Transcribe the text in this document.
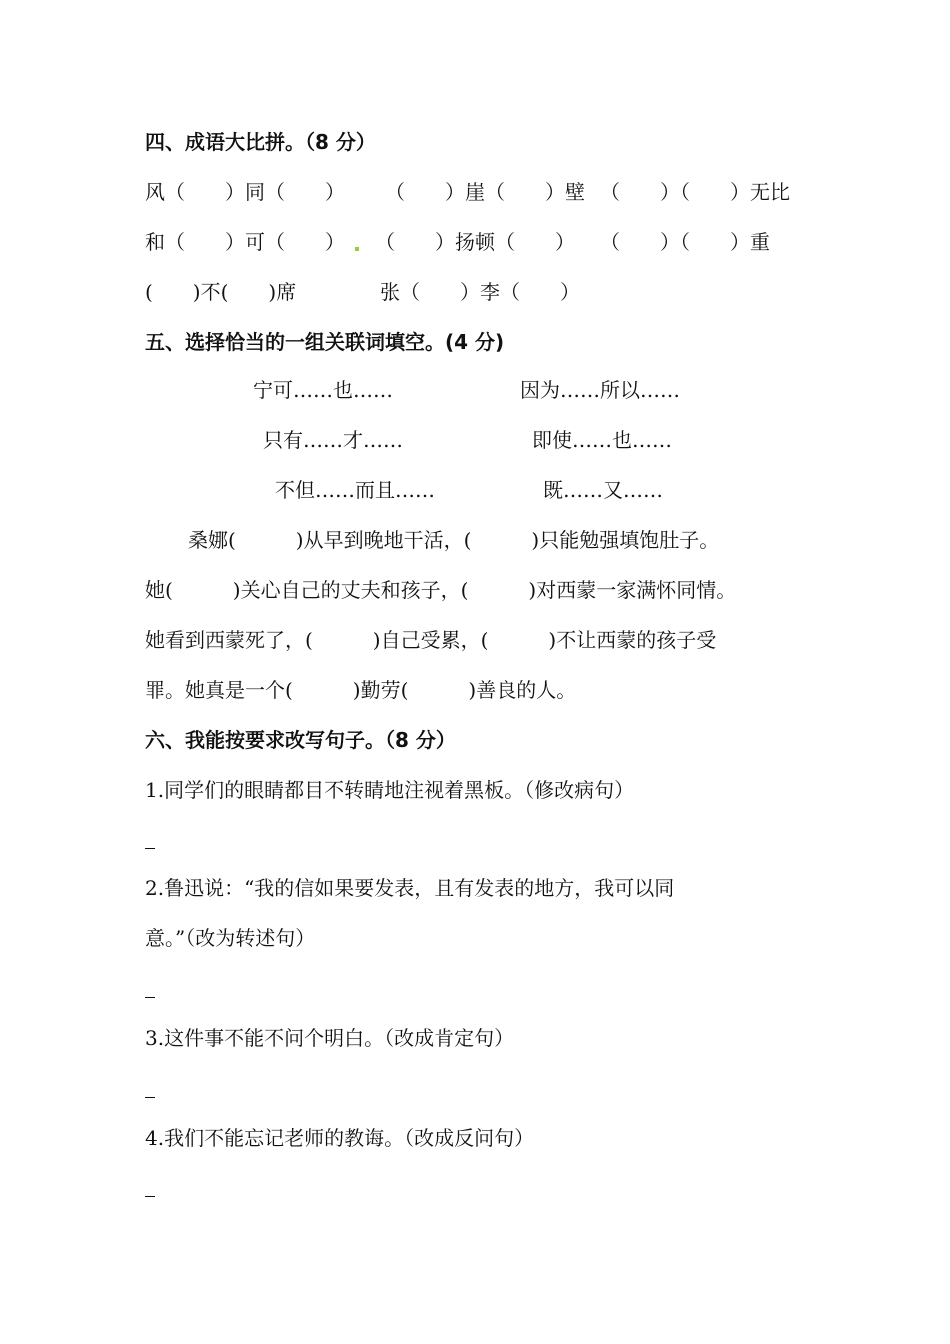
四、成语大比拼。（8 分）
风（　　）同（　　） （　　）崖（　　）壁 （　　）（　　）无比
和（　　）可（　　） （　　）扬顿（　　） （　　）（　　）重
(　　)不(　　)席	张（　　）李（　　）
五、选择恰当的一组关联词填空。(4 分)
宁可……也……	因为……所以……
只有……才……	即使……也……
不但……而且……	既……又……
桑娜(　　　)从早到晚地干活，(　　　)只能勉强填饱肚子。
她(　　　)关心自己的丈夫和孩子，(　　　)对西蒙一家满怀同情。
她看到西蒙死了，(　　　)自己受累，(　　　)不让西蒙的孩子受
罪。她真是一个(　　　)勤劳(　　　)善良的人。
六、我能按要求改写句子。（8 分）
1.同学们的眼睛都目不转睛地注视着黑板。（修改病句）
2.鲁迅说：“我的信如果要发表，且有发表的地方，我可以同
意。”（改为转述句）
3.这件事不能不问个明白。（改成肯定句）
4.我们不能忘记老师的教诲。（改成反问句）
